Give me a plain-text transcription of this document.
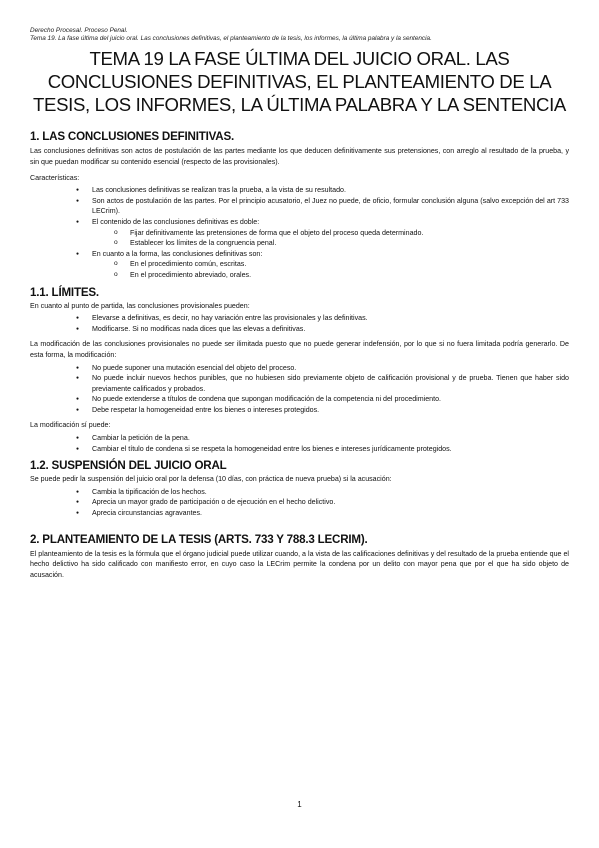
Derecho Procesal. Proceso Penal.
Tema 19. La fase última del juicio oral. Las conclusiones definitivas, el planteamiento de la tesis, los informes, la última palabra y la sentencia.
TEMA 19 LA FASE ÚLTIMA DEL JUICIO ORAL. LAS CONCLUSIONES DEFINITIVAS, EL PLANTEAMIENTO DE LA TESIS, LOS INFORMES, LA ÚLTIMA PALABRA Y LA SENTENCIA
1. LAS CONCLUSIONES DEFINITIVAS.

Las conclusiones definitivas son actos de postulación de las partes mediante los que deducen definitivamente sus pretensiones, con arreglo al resultado de la prueba, y sin que puedan modificar su contenido esencial (respecto de las provisionales).

Características:

● Las conclusiones definitivas se realizan tras la prueba, a la vista de su resultado.
● Son actos de postulación de las partes. Por el principio acusatorio, el Juez no puede, de oficio, formular conclusión alguna (salvo excepción del art 733 LECrim).
● El contenido de las conclusiones definitivas es doble:
o Fijar definitivamente las pretensiones de forma que el objeto del proceso queda determinado.
o Establecer los límites de la congruencia penal.
● En cuanto a la forma, las conclusiones definitivas son:
o En el procedimiento común, escritas.
o En el procedimiento abreviado, orales.
1.1. LÍMITES.

En cuanto al punto de partida, las conclusiones provisionales pueden:

● Elevarse a definitivas, es decir, no hay variación entre las provisionales y las definitivas.
● Modificarse. Si no modificas nada dices que las elevas a definitivas.

La modificación de las conclusiones provisionales no puede ser ilimitada puesto que no puede generar indefensión, por lo que si no fuera limitada podría generarlo. De esta forma, la modificación:

● No puede suponer una mutación esencial del objeto del proceso.
● No puede incluir nuevos hechos punibles, que no hubiesen sido previamente objeto de calificación provisional y de prueba. Tienen que haber sido previamente calificados y probados.
● No puede extenderse a títulos de condena que supongan modificación de la competencia ni del procedimiento.
● Debe respetar la homogeneidad entre los bienes o intereses protegidos.

La modificación sí puede:

● Cambiar la petición de la pena.
● Cambiar el título de condena si se respeta la homogeneidad entre los bienes e intereses jurídicamente protegidos.
1.2. SUSPENSIÓN DEL JUICIO ORAL

Se puede pedir la suspensión del juicio oral por la defensa (10 días, con práctica de nueva prueba) si la acusación:

● Cambia la tipificación de los hechos.
● Aprecia un mayor grado de participación o de ejecución en el hecho delictivo.
● Aprecia circunstancias agravantes.
2. PLANTEAMIENTO DE LA TESIS (ARTS. 733 Y 788.3 LECRIM).

El planteamiento de la tesis es la fórmula que el órgano judicial puede utilizar cuando, a la vista de las calificaciones definitivas y del resultado de la prueba entiende que el hecho delictivo ha sido calificado con manifiesto error, en cuyo caso la LECrim permite la condena por un delito con mayor pena que por el que ha sido objeto de acusación.

1
